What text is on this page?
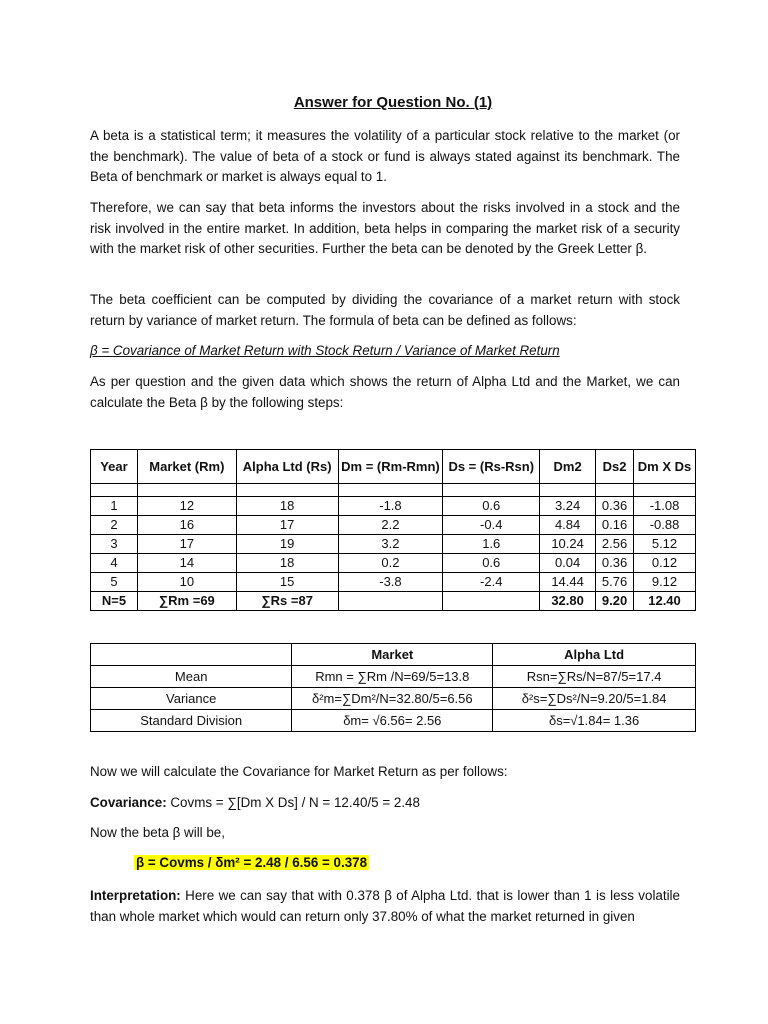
Answer for Question No. (1)
A beta is a statistical term; it measures the volatility of a particular stock relative to the market (or the benchmark). The value of beta of a stock or fund is always stated against its benchmark. The Beta of benchmark or market is always equal to 1.
Therefore, we can say that beta informs the investors about the risks involved in a stock and the risk involved in the entire market. In addition, beta helps in comparing the market risk of a security with the market risk of other securities. Further the beta can be denoted by the Greek Letter β.
The beta coefficient can be computed by dividing the covariance of a market return with stock return by variance of market return. The formula of beta can be defined as follows:
β = Covariance of Market Return with Stock Return / Variance of Market Return
As per question and the given data which shows the return of Alpha Ltd and the Market, we can calculate the Beta β by the following steps:
Year	Market (Rm)	Alpha Ltd (Rs)	Dm = (Rm-Rmn)	Ds = (Rs-Rsn)	Dm2	Ds2	Dm X Ds

1	12	18	-1.8	0.6	3.24	0.36	-1.08
2	16	17	2.2	-0.4	4.84	0.16	-0.88
3	17	19	3.2	1.6	10.24	2.56	5.12
4	14	18	0.2	0.6	0.04	0.36	0.12
5	10	15	-3.8	-2.4	14.44	5.76	9.12
N=5	∑Rm =69	∑Rs =87			32.80	9.20	12.40
	Market	Alpha Ltd
Mean	Rmn = ∑Rm /N=69/5=13.8	Rsn=∑Rs/N=87/5=17.4
Variance	δ²m=∑Dm²/N=32.80/5=6.56	δ²s=∑Ds²/N=9.20/5=1.84
Standard Division	δm= √6.56= 2.56	δs=√1.84= 1.36
Now we will calculate the Covariance for Market Return as per follows:
Covariance: Covms = ∑[Dm X Ds] / N = 12.40/5 = 2.48
Now the beta β will be,
β = Covms / δm² = 2.48 / 6.56 = 0.378
Interpretation: Here we can say that with 0.378 β of Alpha Ltd. that is lower than 1 is less volatile than whole market which would can return only 37.80% of what the market returned in given
